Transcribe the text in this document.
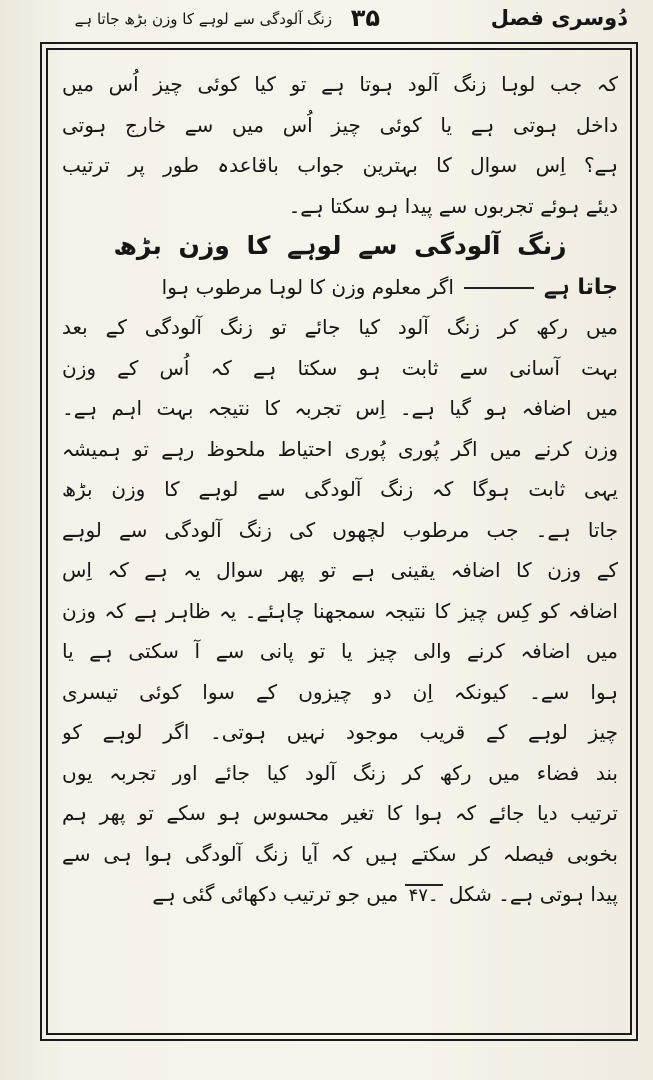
دُوسری فصل
۳۵
زنگ آلودگی سے لوہے کا وزن بڑھ جاتا ہے
کہ جب لوہا زنگ آلود ہوتا ہے تو کیا کوئی چیز اُس میں
داخل ہوتی ہے یا کوئی چیز اُس میں سے خارج ہوتی
ہے؟ اِس سوال کا بہترین جواب باقاعدہ طور پر ترتیب
دیئے ہوئے تجربوں سے پیدا ہو سکتا ہے۔
زنگ آلودگی سے لوہے کا وزن بڑھ
جاتا ہےاگر معلوم وزن کا لوہا مرطوب ہوا
میں رکھ کر زنگ آلود کیا جائے تو زنگ آلودگی کے بعد
بہت آسانی سے ثابت ہو سکتا ہے کہ اُس کے وزن
میں اضافہ ہو گیا ہے۔ اِس تجربہ کا نتیجہ بہت اہم ہے۔
وزن کرنے میں اگر پُوری پُوری احتیاط ملحوظ رہے تو ہمیشہ
یہی ثابت ہوگا کہ زنگ آلودگی سے لوہے کا وزن بڑھ
جاتا ہے۔ جب مرطوب لچھوں کی زنگ آلودگی سے لوہے
کے وزن کا اضافہ یقینی ہے تو پھر سوال یہ ہے کہ اِس
اضافہ کو کِس چیز کا نتیجہ سمجھنا چاہئے۔ یہ ظاہر ہے کہ وزن
میں اضافہ کرنے والی چیز یا تو پانی سے آ سکتی ہے یا
ہوا سے۔ کیونکہ اِن دو چیزوں کے سوا کوئی تیسری
چیز لوہے کے قریب موجود نہیں ہوتی۔ اگر لوہے کو
بند فضاء میں رکھ کر زنگ آلود کیا جائے اور تجربہ یوں
ترتیب دیا جائے کہ ہوا کا تغیر محسوس ہو سکے تو پھر ہم
بخوبی فیصلہ کر سکتے ہیں کہ آیا زنگ آلودگی ہوا ہی سے
پیدا ہوتی ہے۔ شکل ۴۔۷ میں جو ترتیب دکھائی گئی ہے
